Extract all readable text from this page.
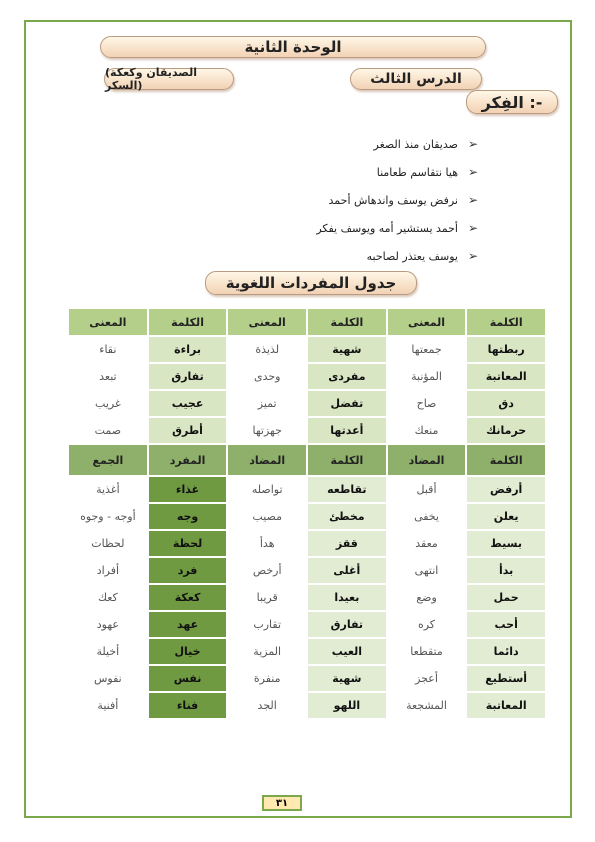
الوحدة الثانية
الدرس الثالث
(الصديقان وكعكة السكر)
الفِكر :-
➢
صديقان منذ الصغر
➢
هيا نتقاسم طعامنا
➢
نرفض يوسف واندهاش أحمد
➢
أحمد يستشير أمه ويوسف يفكر
➢
يوسف يعتذر لصاحبه
جدول المفردات اللغوية
الكلمة	المعنى	الكلمة	المعنى	الكلمة	المعنى
ربطتها	جمعتها	شهية	لذيذة	براءة	نقاء
المعاتبة	المؤنبة	مفردى	وحدى	تفارق	تبعد
دق	صاح	تفضل	تميز	عجيب	غريب
حرمانك	منعك	أعدتها	جهزتها	أطرق	صمت
الكلمة	المضاد	الكلمة	المضاد	المفرد	الجمع
أرفض	أقبل	تقاطعه	تواصله	غذاء	أغذية
يعلن	يخفى	مخطئ	مصيب	وجه	أوجه - وجوه
بسيط	معقد	ققز	هدأ	لحظة	لحظات
بدأ	انتهى	أغلى	أرخص	فرد	أفراد
حمل	وضع	بعيدا	قريبا	كعكة	كعك
أحب	كره	تفارق	تقارب	عهد	عهود
دائما	متقطعا	العيب	المزية	خيال	أخيلة
أستطيع	أعجز	شهية	منفرة	نفس	نفوس
المعاتبة	المشجعة	اللهو	الجد	فناء	أفنية
٣١
